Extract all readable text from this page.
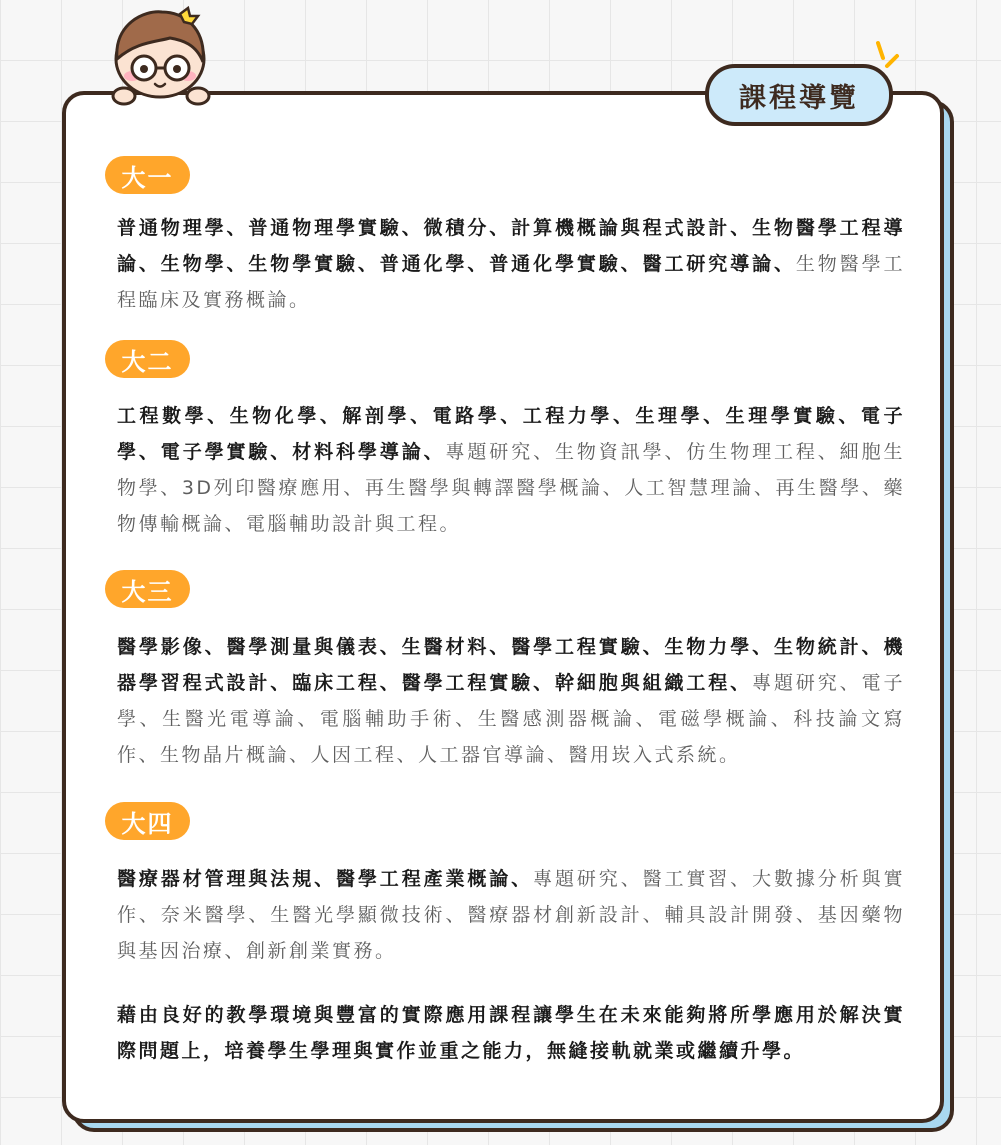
課程導覽
大一

普通物理學、普通物理學實驗、微積分、計算機概論與程式設計、生物醫學工程導論、生物學、生物學實驗、普通化學、普通化學實驗、醫工研究導論、生物醫學工程臨床及實務概論。

大二

工程數學、生物化學、解剖學、電路學、工程力學、生理學、生理學實驗、電子學、電子學實驗、材料科學導論、專題研究、生物資訊學、仿生物理工程、細胞生物學、3D列印醫療應用、再生醫學與轉譯醫學概論、人工智慧理論、再生醫學、藥物傳輸概論、電腦輔助設計與工程。

大三

醫學影像、醫學測量與儀表、生醫材料、醫學工程實驗、生物力學、生物統計、機器學習程式設計、臨床工程、醫學工程實驗、幹細胞與組織工程、專題研究、電子學、生醫光電導論、電腦輔助手術、生醫感測器概論、電磁學概論、科技論文寫作、生物晶片概論、人因工程、人工器官導論、醫用崁入式系統。

大四

醫療器材管理與法規、醫學工程產業概論、專題研究、醫工實習、大數據分析與實作、奈米醫學、生醫光學顯微技術、醫療器材創新設計、輔具設計開發、基因藥物與基因治療、創新創業實務。

藉由良好的教學環境與豐富的實際應用課程讓學生在未來能夠將所學應用於解決實際問題上，培養學生學理與實作並重之能力，無縫接軌就業或繼續升學。
